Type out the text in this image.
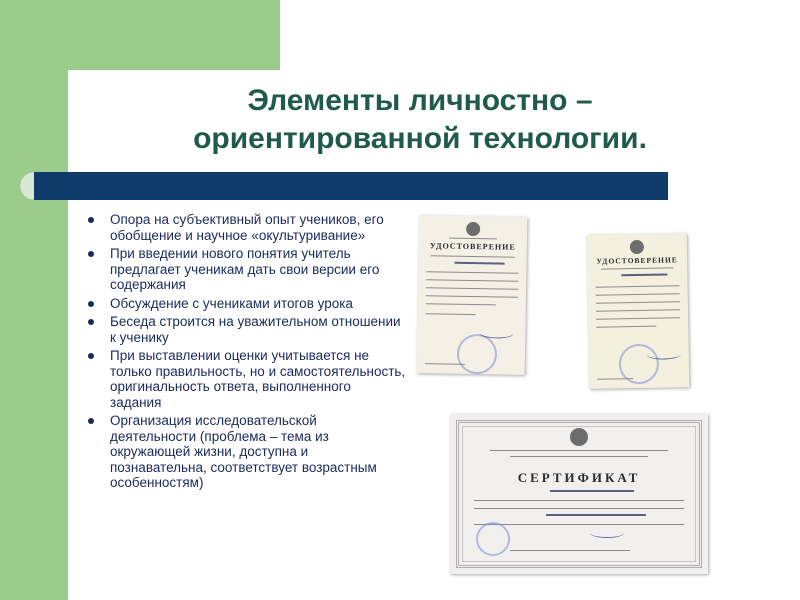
Элементы личностно –
ориентированной технологии.
Опора на субъективный опыт учеников, его обобщение и научное «окультуривание»
При введении нового понятия учитель предлагает ученикам дать свои версии его содержания
Обсуждение с учениками итогов урока
Беседа строится на уважительном отношении к ученику
При выставлении оценки учитывается не только правильность, но и самостоятельность, оригинальность ответа, выполненного задания
Организация исследовательской деятельности (проблема – тема из окружающей жизни, доступна и познавательна, соответствует возрастным особенностям)
УДОСТОВЕРЕНИЕ
УДОСТОВЕРЕНИЕ
СЕРТИФИКАТ
